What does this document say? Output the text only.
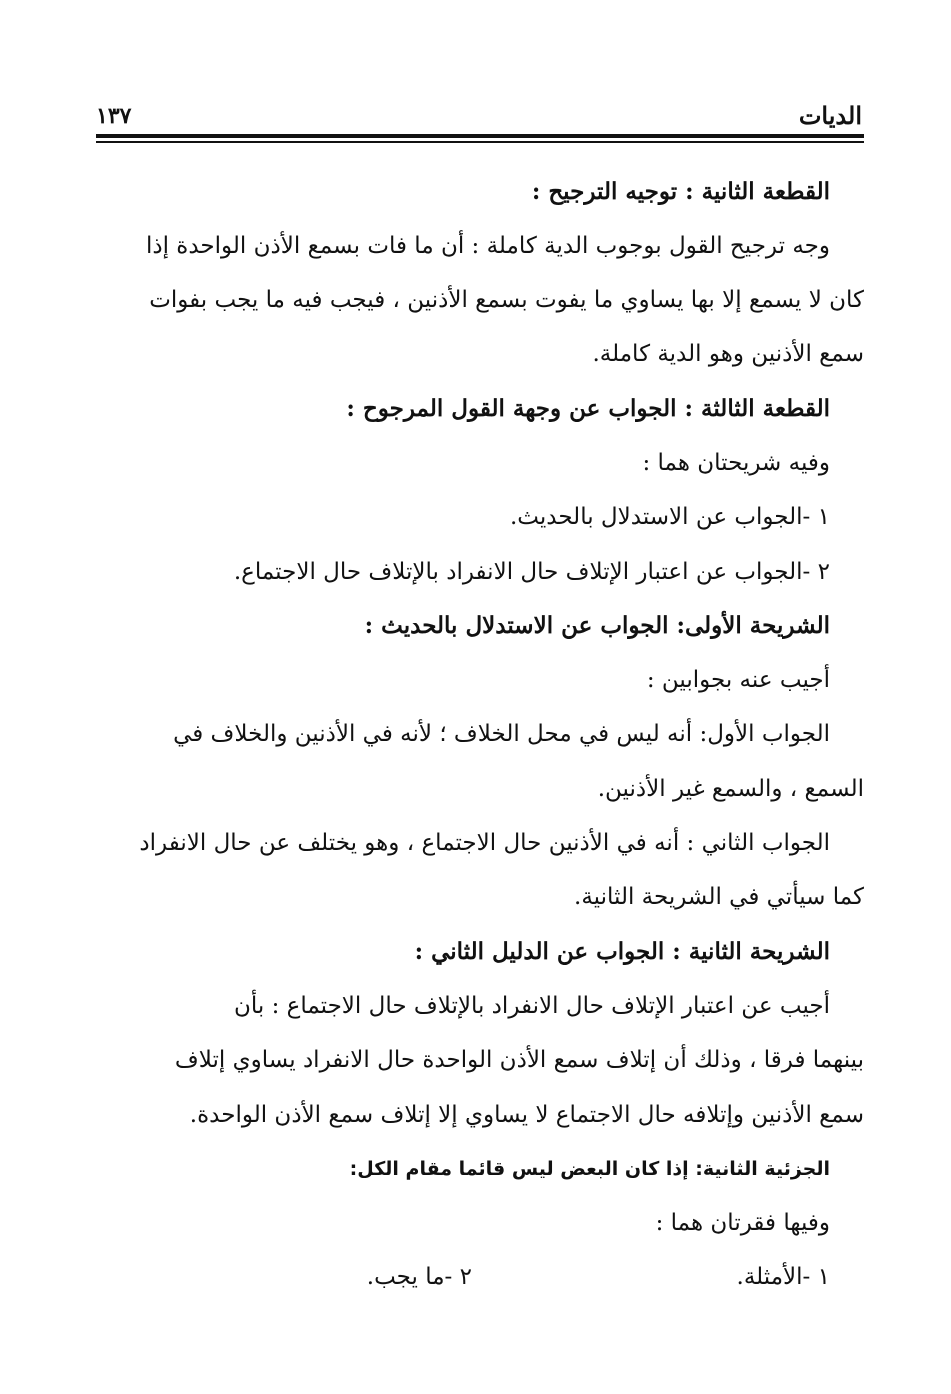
الديات
١٣٧
القطعة الثانية : توجيه الترجيح :
وجه ترجيح القول بوجوب الدية كاملة : أن ما فات بسمع الأذن الواحدة إذا
كان لا يسمع إلا بها يساوي ما يفوت بسمع الأذنين ، فيجب فيه ما يجب بفوات
سمع الأذنين وهو الدية كاملة.
القطعة الثالثة : الجواب عن وجهة القول المرجوح :
وفيه شريحتان هما :
١ -الجواب عن الاستدلال بالحديث.
٢ -الجواب عن اعتبار الإتلاف حال الانفراد بالإتلاف حال الاجتماع.
الشريحة الأولى: الجواب عن الاستدلال بالحديث :
أجيب عنه بجوابين :
الجواب الأول: أنه ليس في محل الخلاف ؛ لأنه في الأذنين والخلاف في
السمع ، والسمع غير الأذنين.
الجواب الثاني : أنه في الأذنين حال الاجتماع ، وهو يختلف عن حال الانفراد
كما سيأتي في الشريحة الثانية.
الشريحة الثانية : الجواب عن الدليل الثاني :
أجيب عن اعتبار الإتلاف حال الانفراد بالإتلاف حال الاجتماع : بأن
بينهما فرقا ، وذلك أن إتلاف سمع الأذن الواحدة حال الانفراد يساوي إتلاف
سمع الأذنين وإتلافه حال الاجتماع لا يساوي إلا إتلاف سمع الأذن الواحدة.
الجزئية الثانية: إذا كان البعض ليس قائما مقام الكل:
وفيها فقرتان هما :
١ -الأمثلة.
٢ -ما يجب.
